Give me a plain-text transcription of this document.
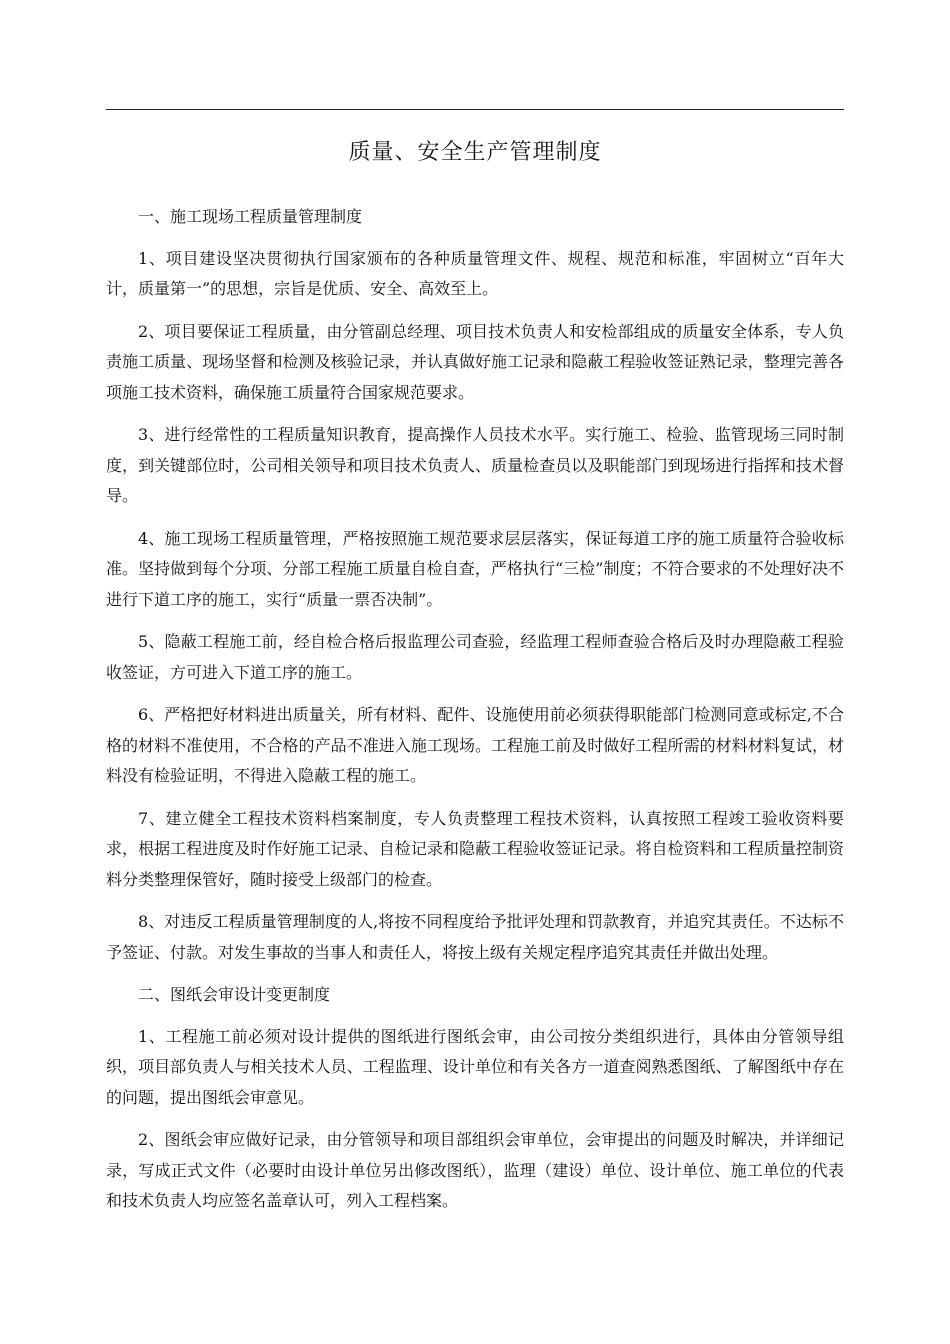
质量、安全生产管理制度

一、施工现场工程质量管理制度

1、项目建设坚决贯彻执行国家颁布的各种质量管理文件、规程、规范和标准，牢固树立“百年大计，质量第一”的思想，宗旨是优质、安全、高效至上。

2、项目要保证工程质量，由分管副总经理、项目技术负责人和安检部组成的质量安全体系，专人负责施工质量、现场坚督和检测及核验记录，并认真做好施工记录和隐蔽工程验收签证熟记录，整理完善各项施工技术资料，确保施工质量符合国家规范要求。

3、进行经常性的工程质量知识教育，提高操作人员技术水平。实行施工、检验、监管现场三同时制度，到关键部位时，公司相关领导和项目技术负责人、质量检查员以及职能部门到现场进行指挥和技术督导。

4、施工现场工程质量管理，严格按照施工规范要求层层落实，保证每道工序的施工质量符合验收标准。坚持做到每个分项、分部工程施工质量自检自查，严格执行“三检”制度；不符合要求的不处理好决不进行下道工序的施工，实行“质量一票否决制”。

5、隐蔽工程施工前，经自检合格后报监理公司查验，经监理工程师查验合格后及时办理隐蔽工程验收签证，方可进入下道工序的施工。

6、严格把好材料进出质量关，所有材料、配件、设施使用前必须获得职能部门检测同意或标定,不合格的材料不准使用，不合格的产品不准进入施工现场。工程施工前及时做好工程所需的材料材料复试，材料没有检验证明，不得进入隐蔽工程的施工。

7、建立健全工程技术资料档案制度，专人负责整理工程技术资料，认真按照工程竣工验收资料要求，根据工程进度及时作好施工记录、自检记录和隐蔽工程验收签证记录。将自检资料和工程质量控制资料分类整理保管好，随时接受上级部门的检查。

8、对违反工程质量管理制度的人,将按不同程度给予批评处理和罚款教育，并追究其责任。不达标不予签证、付款。对发生事故的当事人和责任人，将按上级有关规定程序追究其责任并做出处理。

二、图纸会审设计变更制度

1、工程施工前必须对设计提供的图纸进行图纸会审，由公司按分类组织进行，具体由分管领导组织，项目部负责人与相关技术人员、工程监理、设计单位和有关各方一道查阅熟悉图纸、了解图纸中存在的问题，提出图纸会审意见。

2、图纸会审应做好记录，由分管领导和项目部组织会审单位，会审提出的问题及时解决，并详细记录，写成正式文件（必要时由设计单位另出修改图纸），监理（建设）单位、设计单位、施工单位的代表和技术负责人均应签名盖章认可，列入工程档案。
